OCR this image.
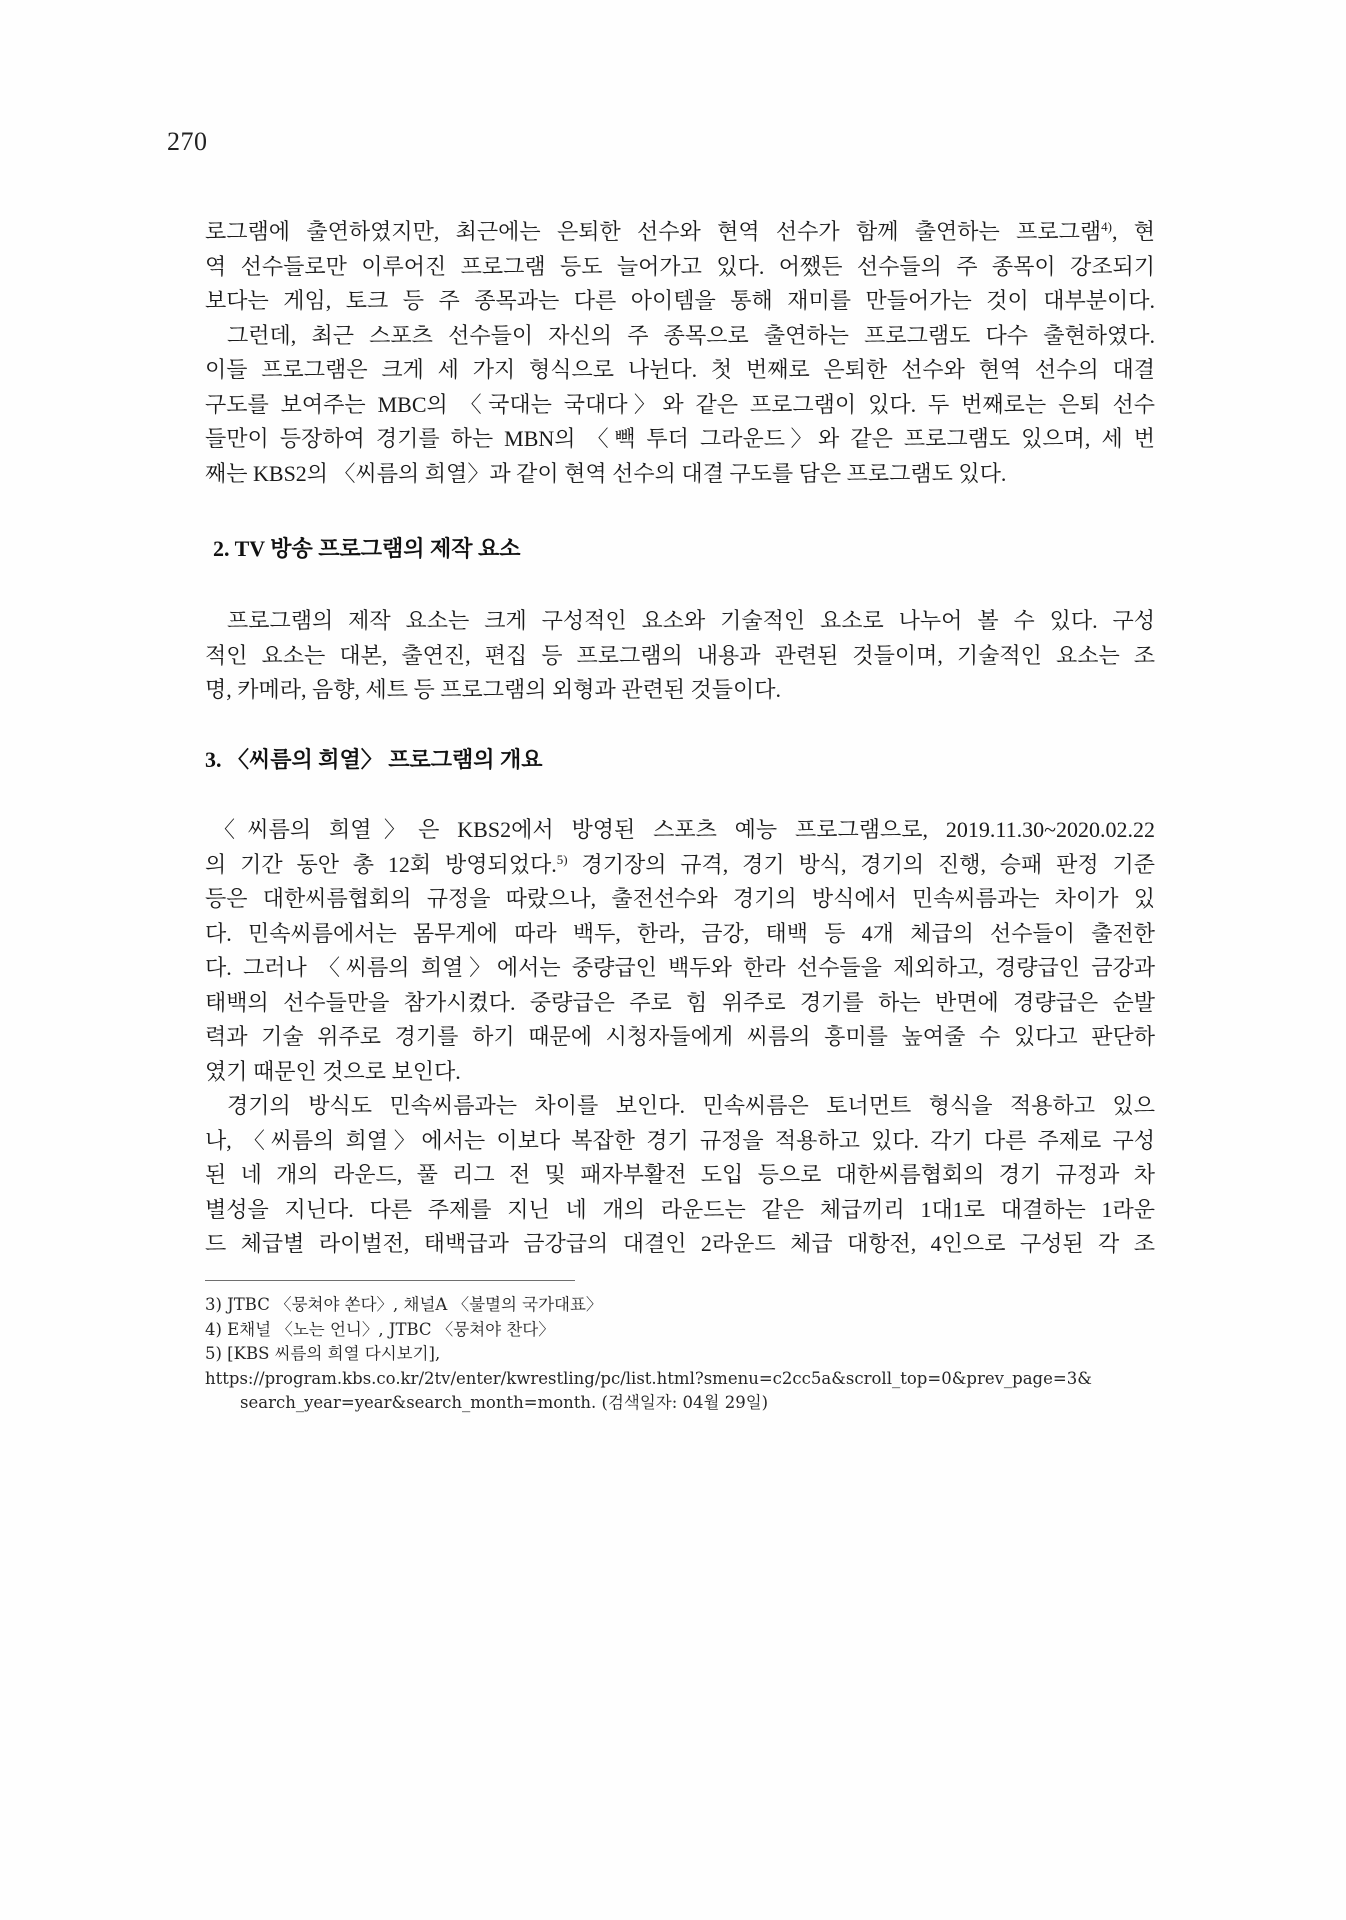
270
로그램에 출연하였지만, 최근에는 은퇴한 선수와 현역 선수가 함께 출연하는 프로그램$^{4)}$, 현
역 선수들로만 이루어진 프로그램 등도 늘어가고 있다. 어쨌든 선수들의 주 종목이 강조되기
보다는 게임, 토크 등 주 종목과는 다른 아이템을 통해 재미를 만들어가는 것이 대부분이다.
그런데, 최근 스포츠 선수들이 자신의 주 종목으로 출연하는 프로그램도 다수 출현하였다.
이들 프로그램은 크게 세 가지 형식으로 나뉜다. 첫 번째로 은퇴한 선수와 현역 선수의 대결
구도를 보여주는 MBC의 〈국대는 국대다〉와 같은 프로그램이 있다. 두 번째로는 은퇴 선수
들만이 등장하여 경기를 하는 MBN의 〈빽 투더 그라운드〉와 같은 프로그램도 있으며, 세 번
째는 KBS2의 〈씨름의 희열〉과 같이 현역 선수의 대결 구도를 담은 프로그램도 있다.
2. TV 방송 프로그램의 제작 요소
프로그램의 제작 요소는 크게 구성적인 요소와 기술적인 요소로 나누어 볼 수 있다. 구성
적인 요소는 대본, 출연진, 편집 등 프로그램의 내용과 관련된 것들이며, 기술적인 요소는 조
명, 카메라, 음향, 세트 등 프로그램의 외형과 관련된 것들이다.
3. 〈씨름의 희열〉 프로그램의 개요
〈씨름의 희열〉은 KBS2에서 방영된 스포츠 예능 프로그램으로, 2019.11.30~2020.02.22
의 기간 동안 총 12회 방영되었다.$^{5)}$ 경기장의 규격, 경기 방식, 경기의 진행, 승패 판정 기준
등은 대한씨름협회의 규정을 따랐으나, 출전선수와 경기의 방식에서 민속씨름과는 차이가 있
다. 민속씨름에서는 몸무게에 따라 백두, 한라, 금강, 태백 등 4개 체급의 선수들이 출전한
다. 그러나 〈씨름의 희열〉에서는 중량급인 백두와 한라 선수들을 제외하고, 경량급인 금강과
태백의 선수들만을 참가시켰다. 중량급은 주로 힘 위주로 경기를 하는 반면에 경량급은 순발
력과 기술 위주로 경기를 하기 때문에 시청자들에게 씨름의 흥미를 높여줄 수 있다고 판단하
였기 때문인 것으로 보인다.
경기의 방식도 민속씨름과는 차이를 보인다. 민속씨름은 토너먼트 형식을 적용하고 있으
나, 〈씨름의 희열〉에서는 이보다 복잡한 경기 규정을 적용하고 있다. 각기 다른 주제로 구성
된 네 개의 라운드, 풀 리그 전 및 패자부활전 도입 등으로 대한씨름협회의 경기 규정과 차
별성을 지닌다. 다른 주제를 지닌 네 개의 라운드는 같은 체급끼리 1대1로 대결하는 1라운
드 체급별 라이벌전, 태백급과 금강급의 대결인 2라운드 체급 대항전, 4인으로 구성된 각 조
3) JTBC 〈뭉쳐야 쏜다〉, 채널A 〈불멸의 국가대표〉
4) E채널 〈노는 언니〉, JTBC 〈뭉쳐야 찬다〉
5) [KBS 씨름의 희열 다시보기],
https://program.kbs.co.kr/2tv/enter/kwrestling/pc/list.html?smenu=c2cc5a&scroll_top=0&prev_page=3&
search_year=year&search_month=month. (검색일자: 04월 29일)
